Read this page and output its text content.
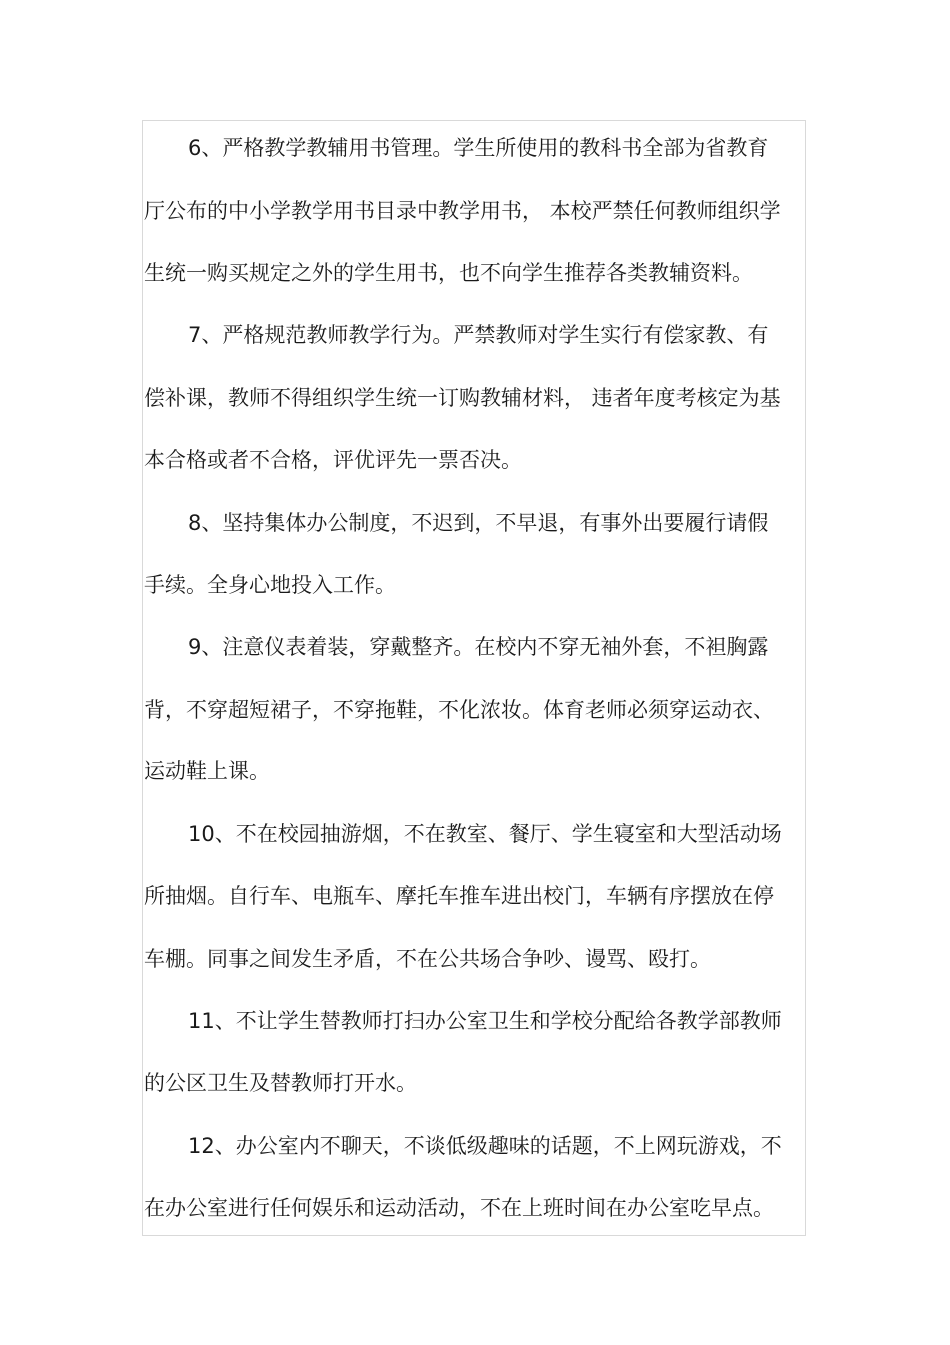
6、严格教学教辅用书管理。学生所使用的教科书全部为省教育
厅公布的中小学教学用书目录中教学用书， 本校严禁任何教师组织学
生统一购买规定之外的学生用书，也不向学生推荐各类教辅资料。
7、严格规范教师教学行为。严禁教师对学生实行有偿家教、有
偿补课，教师不得组织学生统一订购教辅材料， 违者年度考核定为基
本合格或者不合格，评优评先一票否决。
8、坚持集体办公制度，不迟到，不早退，有事外出要履行请假
手续。全身心地投入工作。
9、注意仪表着装，穿戴整齐。在校内不穿无袖外套，不袒胸露
背，不穿超短裙子，不穿拖鞋，不化浓妆。体育老师必须穿运动衣、
运动鞋上课。
10、不在校园抽游烟，不在教室、餐厅、学生寝室和大型活动场
所抽烟。自行车、电瓶车、摩托车推车进出校门，车辆有序摆放在停
车棚。同事之间发生矛盾，不在公共场合争吵、谩骂、殴打。
11、不让学生替教师打扫办公室卫生和学校分配给各教学部教师
的公区卫生及替教师打开水。
12、办公室内不聊天，不谈低级趣味的话题，不上网玩游戏，不
在办公室进行任何娱乐和运动活动，不在上班时间在办公室吃早点。
